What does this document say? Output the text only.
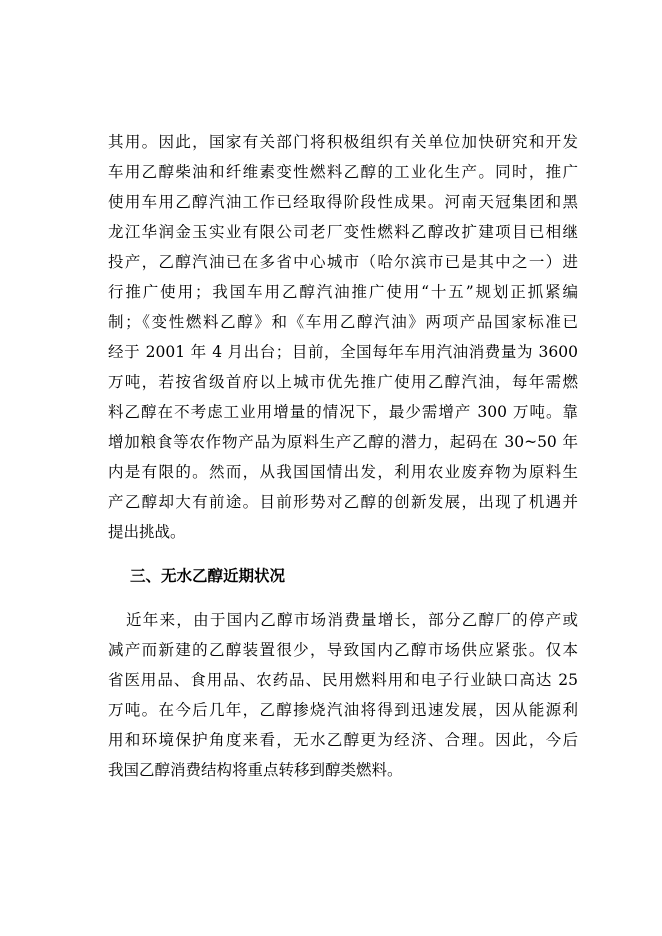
其用。因此，国家有关部门将积极组织有关单位加快研究和开发
车用乙醇柴油和纤维素变性燃料乙醇的工业化生产。同时，推广
使用车用乙醇汽油工作已经取得阶段性成果。河南天冠集团和黑
龙江华润金玉实业有限公司老厂变性燃料乙醇改扩建项目已相继
投产，乙醇汽油已在多省中心城市（哈尔滨市已是其中之一）进
行推广使用；我国车用乙醇汽油推广使用“十五”规划正抓紧编
制；《变性燃料乙醇》和《车用乙醇汽油》两项产品国家标准已
经于 2001 年 4 月出台；目前，全国每年车用汽油消费量为 3600
万吨，若按省级首府以上城市优先推广使用乙醇汽油，每年需燃
料乙醇在不考虑工业用增量的情况下，最少需增产 300 万吨。靠
增加粮食等农作物产品为原料生产乙醇的潜力，起码在 30~50 年
内是有限的。然而，从我国国情出发，利用农业废弃物为原料生
产乙醇却大有前途。目前形势对乙醇的创新发展，出现了机遇并
提出挑战。
三、无水乙醇近期状况
近年来，由于国内乙醇市场消费量增长，部分乙醇厂的停产或
减产而新建的乙醇装置很少，导致国内乙醇市场供应紧张。仅本
省医用品、食用品、农药品、民用燃料用和电子行业缺口高达 25
万吨。在今后几年，乙醇掺烧汽油将得到迅速发展，因从能源利
用和环境保护角度来看，无水乙醇更为经济、合理。因此，今后
我国乙醇消费结构将重点转移到醇类燃料。
